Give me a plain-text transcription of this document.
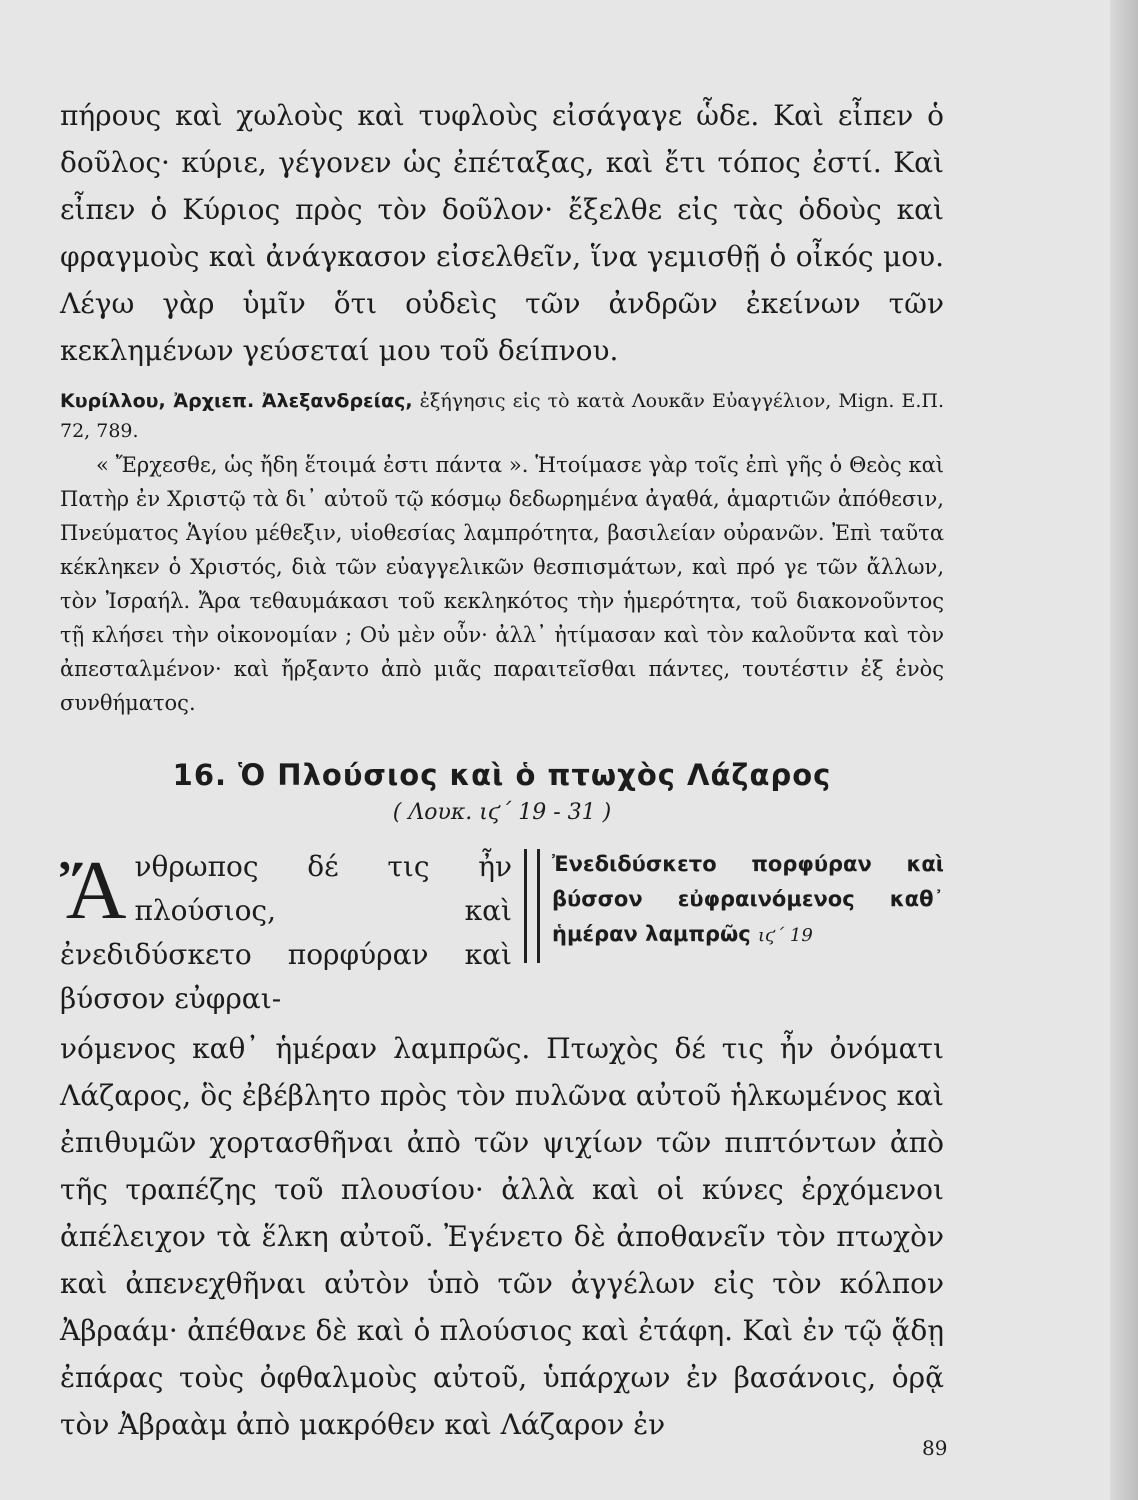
πήρους καὶ χωλοὺς καὶ τυφλοὺς εἰσάγαγε ὧδε. Καὶ εἶπεν ὁ δοῦλος· κύριε, γέγονεν ὡς ἐπέταξας, καὶ ἔτι τόπος ἐστί. Καὶ εἶπεν ὁ Κύριος πρὸς τὸν δοῦλον· ἔξελθε εἰς τὰς ὁδοὺς καὶ φραγμοὺς καὶ ἀνάγκασον εἰσελθεῖν, ἵνα γεμισθῇ ὁ οἶκός μου. Λέγω γὰρ ὑμῖν ὅτι οὐδεὶς τῶν ἀνδρῶν ἐκείνων τῶν κεκλημένων γεύσεταί μου τοῦ δείπνου.

Κυρίλλου, Ἀρχιεπ. Ἀλεξανδρείας, ἐξήγησις εἰς τὸ κατὰ Λουκᾶν Εὐαγγέλιον, Mign. Ε.Π. 72, 789.

« Ἔρχεσθε, ὡς ἤδη ἕτοιμά ἐστι πάντα ». Ἡτοίμασε γὰρ τοῖς ἐπὶ γῆς ὁ Θεὸς καὶ Πατὴρ ἐν Χριστῷ τὰ δι᾽ αὐτοῦ τῷ κόσμῳ δεδωρημένα ἀγαθά, ἁμαρτιῶν ἀπόθεσιν, Πνεύματος Ἁγίου μέθεξιν, υἱοθεσίας λαμπρότητα, βασιλείαν οὐρανῶν. Ἐπὶ ταῦτα κέκληκεν ὁ Χριστός, διὰ τῶν εὐαγγελικῶν θεσπισμάτων, καὶ πρό γε τῶν ἄλλων, τὸν Ἰσραήλ. Ἄρα τεθαυμάκασι τοῦ κεκληκότος τὴν ἡμερότητα, τοῦ διακονοῦντος τῇ κλήσει τὴν οἰκονομίαν ; Οὐ μὲν οὖν· ἀλλ᾽ ἠτίμασαν καὶ τὸν καλοῦντα καὶ τὸν ἀπεσταλμένον· καὶ ἤρξαντο ἀπὸ μιᾶς παραιτεῖσθαι πάντες, τουτέστιν ἐξ ἑνὸς συνθήματος.

16. Ὁ Πλούσιος καὶ ὁ πτωχὸς Λάζαρος
( Λουκ. ιϛ΄ 19 - 31 )
Ἄ νθρωπος δέ τις ἦν πλούσιος, καὶ ἐνεδιδύσκετο πορφύραν καὶ βύσσον εὐφραι-

Ἐνεδιδύσκετο πορφύραν καὶ βύσσον εὐφραινόμενος καθ᾽ ἡμέραν λαμπρῶς ιϛ΄ 19

νόμενος καθ᾽ ἡμέραν λαμπρῶς. Πτωχὸς δέ τις ἦν ὀνόματι Λάζαρος, ὃς ἐβέβλητο πρὸς τὸν πυλῶνα αὐτοῦ ἡλκωμένος καὶ ἐπιθυμῶν χορτασθῆναι ἀπὸ τῶν ψιχίων τῶν πιπτόντων ἀπὸ τῆς τραπέζης τοῦ πλουσίου· ἀλλὰ καὶ οἱ κύνες ἐρχόμενοι ἀπέλειχον τὰ ἕλκη αὐτοῦ. Ἐγένετο δὲ ἀποθανεῖν τὸν πτωχὸν καὶ ἀπενεχθῆναι αὐτὸν ὑπὸ τῶν ἀγγέλων εἰς τὸν κόλπον Ἀβραάμ· ἀπέθανε δὲ καὶ ὁ πλούσιος καὶ ἐτάφη. Καὶ ἐν τῷ ᾅδῃ ἐπάρας τοὺς ὀφθαλμοὺς αὐτοῦ, ὑπάρχων ἐν βασάνοις, ὁρᾷ τὸν Ἀβραὰμ ἀπὸ μακρόθεν καὶ Λάζαρον ἐν

89
